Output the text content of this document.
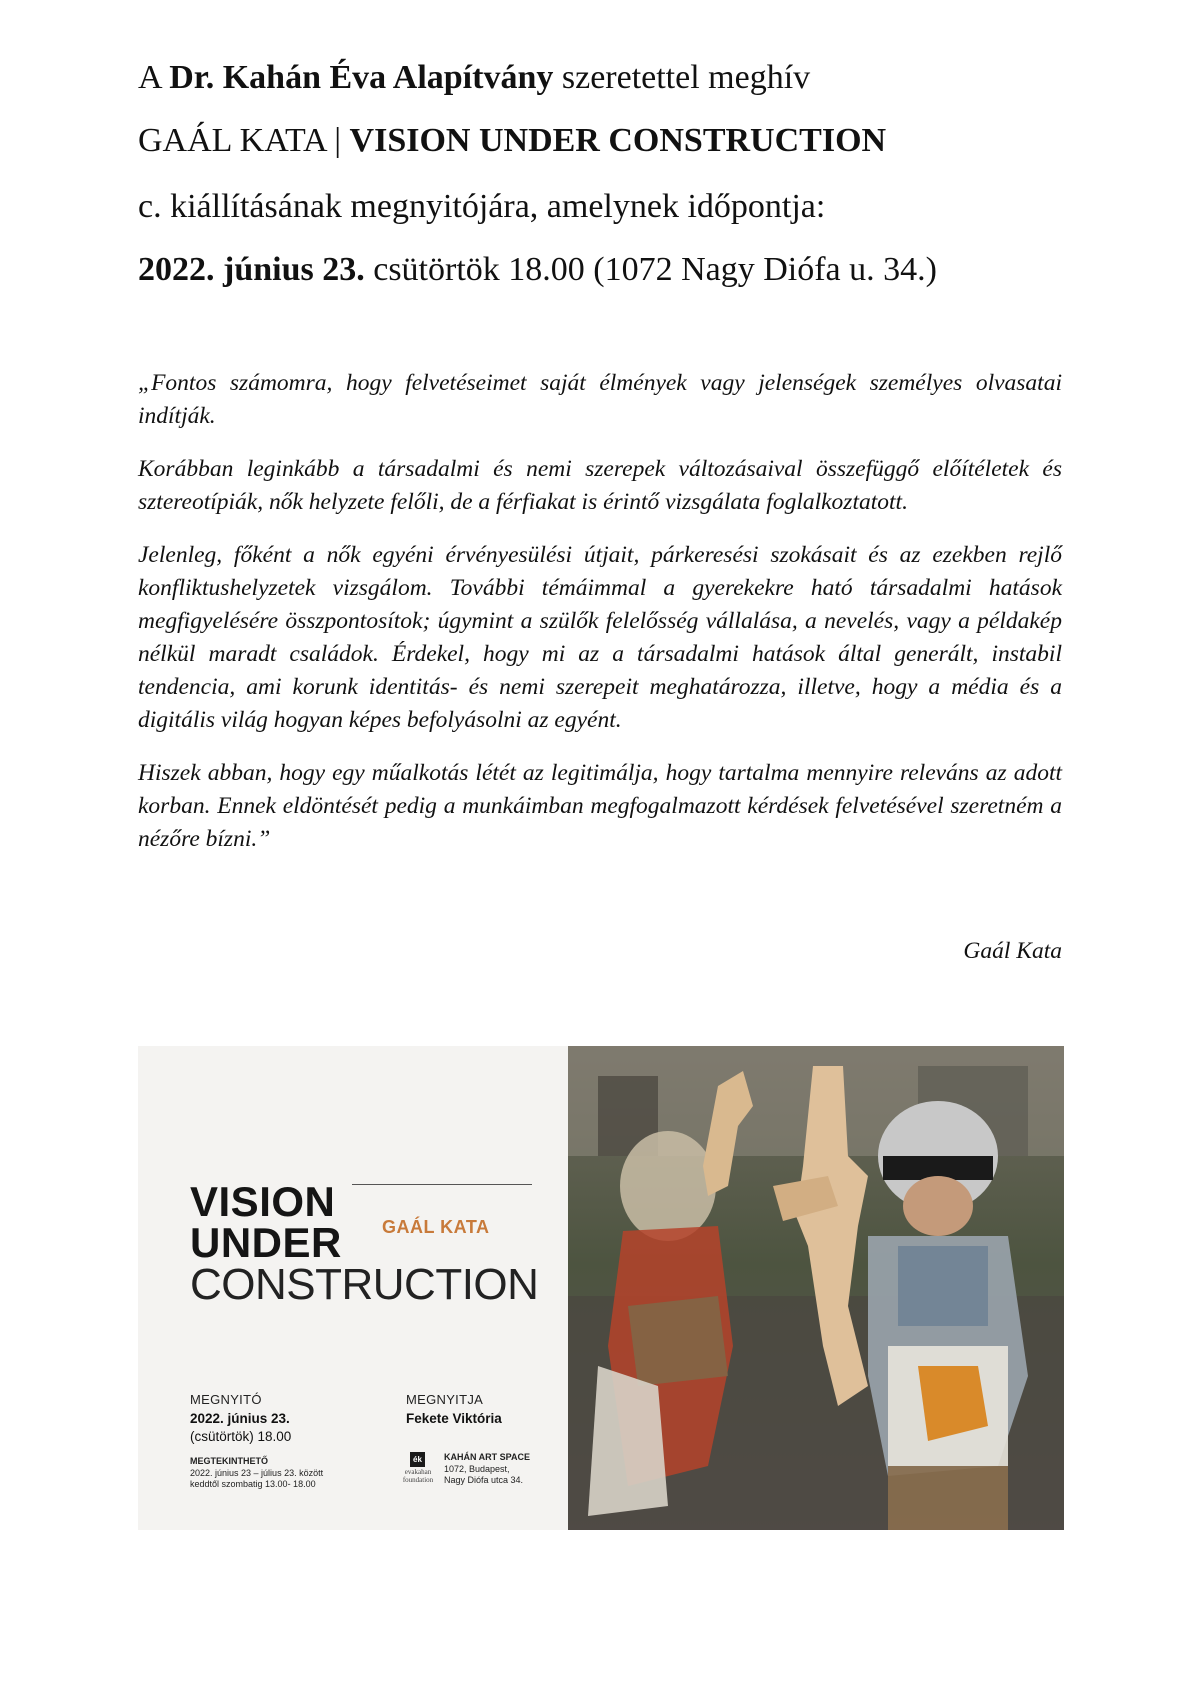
A Dr. Kahán Éva Alapítvány szeretettel meghív
GAÁL KATA | VISION UNDER CONSTRUCTION
c. kiállításának megnyitójára, amelynek időpontja:
2022. június 23. csütörtök 18.00 (1072 Nagy Diófa u. 34.)

„Fontos számomra, hogy felvetéseimet saját élmények vagy jelenségek személyes olvasatai indítják.

Korábban leginkább a társadalmi és nemi szerepek változásaival összefüggő előítéletek és sztereotípiák, nők helyzete felőli, de a férfiakat is érintő vizsgálata foglalkoztatott.

Jelenleg, főként a nők egyéni érvényesülési útjait, párkeresési szokásait és az ezekben rejlő konfliktushelyzetek vizsgálom. További témáimmal a gyerekekre ható társadalmi hatások megfigyelésére összpontosítok; úgymint a szülők felelősség vállalása, a nevelés, vagy a példakép nélkül maradt családok. Érdekel, hogy mi az a társadalmi hatások által generált, instabil tendencia, ami korunk identitás- és nemi szerepeit meghatározza, illetve, hogy a média és a digitális világ hogyan képes befolyásolni az egyént.

Hiszek abban, hogy egy műalkotás létét az legitimálja, hogy tartalma mennyire releváns az adott korban. Ennek eldöntését pedig a munkáimban megfogalmazott kérdések felvetésével szeretném a nézőre bízni.”

Gaál Kata
VISION
UNDER
CONSTRUCTION
GAÁL KATA
MEGNYITÓ
2022. június 23.
(csütörtök) 18.00
MEGNYITJA
Fekete Viktória
MEGTEKINTHETŐ
2022. június 23 – július 23. között
keddtől szombatig 13.00- 18.00
ék
evakahan
foundation
KAHÁN ART SPACE
1072, Budapest,
Nagy Diófa utca 34.
